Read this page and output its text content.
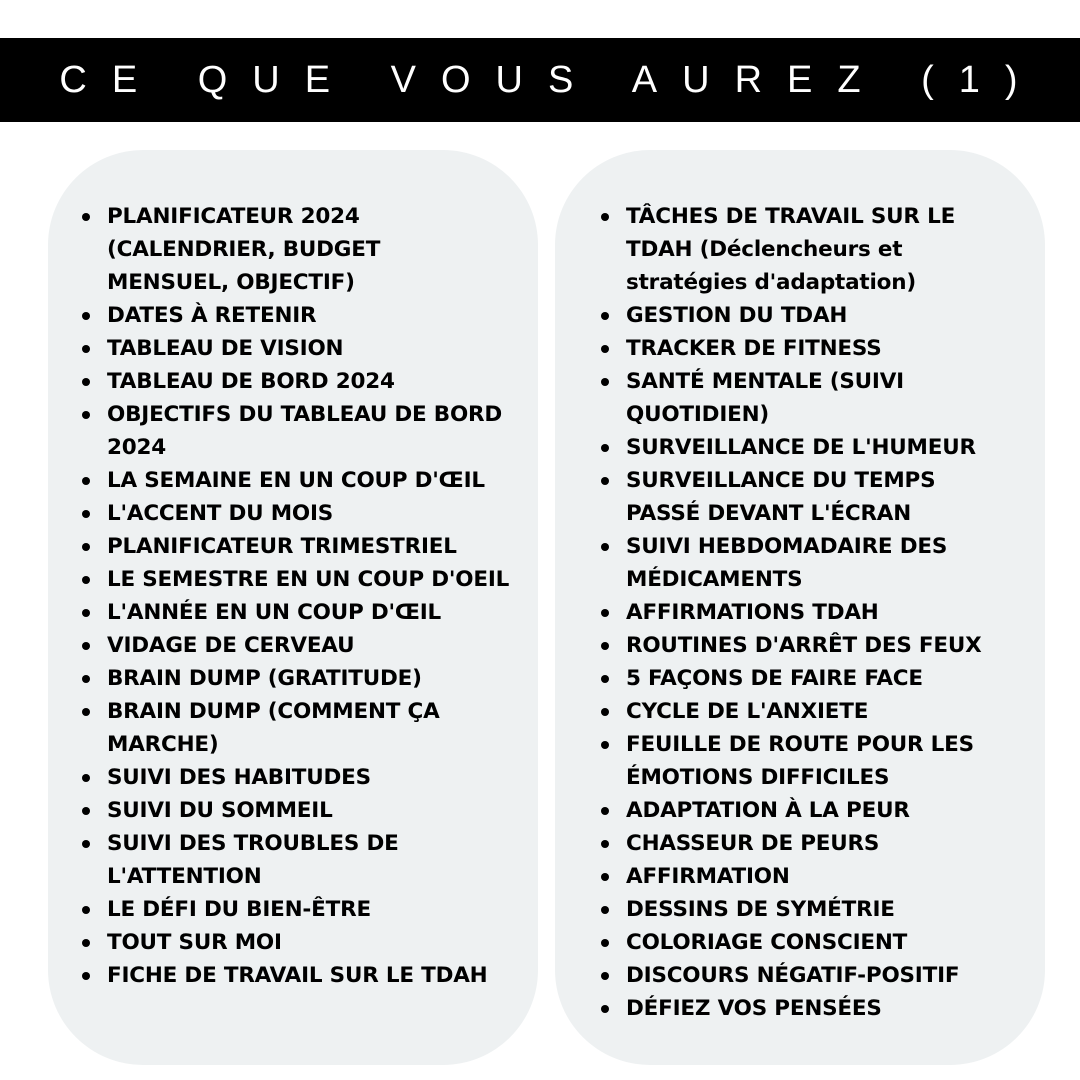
CE QUE VOUS AUREZ (1)
PLANIFICATEUR 2024
(CALENDRIER, BUDGET
MENSUEL, OBJECTIF)
DATES À RETENIR
TABLEAU DE VISION
TABLEAU DE BORD 2024
OBJECTIFS DU TABLEAU DE BORD
2024
LA SEMAINE EN UN COUP D'ŒIL
L'ACCENT DU MOIS
PLANIFICATEUR TRIMESTRIEL
LE SEMESTRE EN UN COUP D'OEIL
L'ANNÉE EN UN COUP D'ŒIL
VIDAGE DE CERVEAU
BRAIN DUMP (GRATITUDE)
BRAIN DUMP (COMMENT ÇA
MARCHE)
SUIVI DES HABITUDES
SUIVI DU SOMMEIL
SUIVI DES TROUBLES DE
L'ATTENTION
LE DÉFI DU BIEN-ÊTRE
TOUT SUR MOI
FICHE DE TRAVAIL SUR LE TDAH
TÂCHES DE TRAVAIL SUR LE
TDAH (Déclencheurs et
stratégies d'adaptation)
GESTION DU TDAH
TRACKER DE FITNESS
SANTÉ MENTALE (SUIVI
QUOTIDIEN)
SURVEILLANCE DE L'HUMEUR
SURVEILLANCE DU TEMPS
PASSÉ DEVANT L'ÉCRAN
SUIVI HEBDOMADAIRE DES
MÉDICAMENTS
AFFIRMATIONS TDAH
ROUTINES D'ARRÊT DES FEUX
5 FAÇONS DE FAIRE FACE
CYCLE DE L'ANXIETE
FEUILLE DE ROUTE POUR LES
ÉMOTIONS DIFFICILES
ADAPTATION À LA PEUR
CHASSEUR DE PEURS
AFFIRMATION
DESSINS DE SYMÉTRIE
COLORIAGE CONSCIENT
DISCOURS NÉGATIF-POSITIF
DÉFIEZ VOS PENSÉES
